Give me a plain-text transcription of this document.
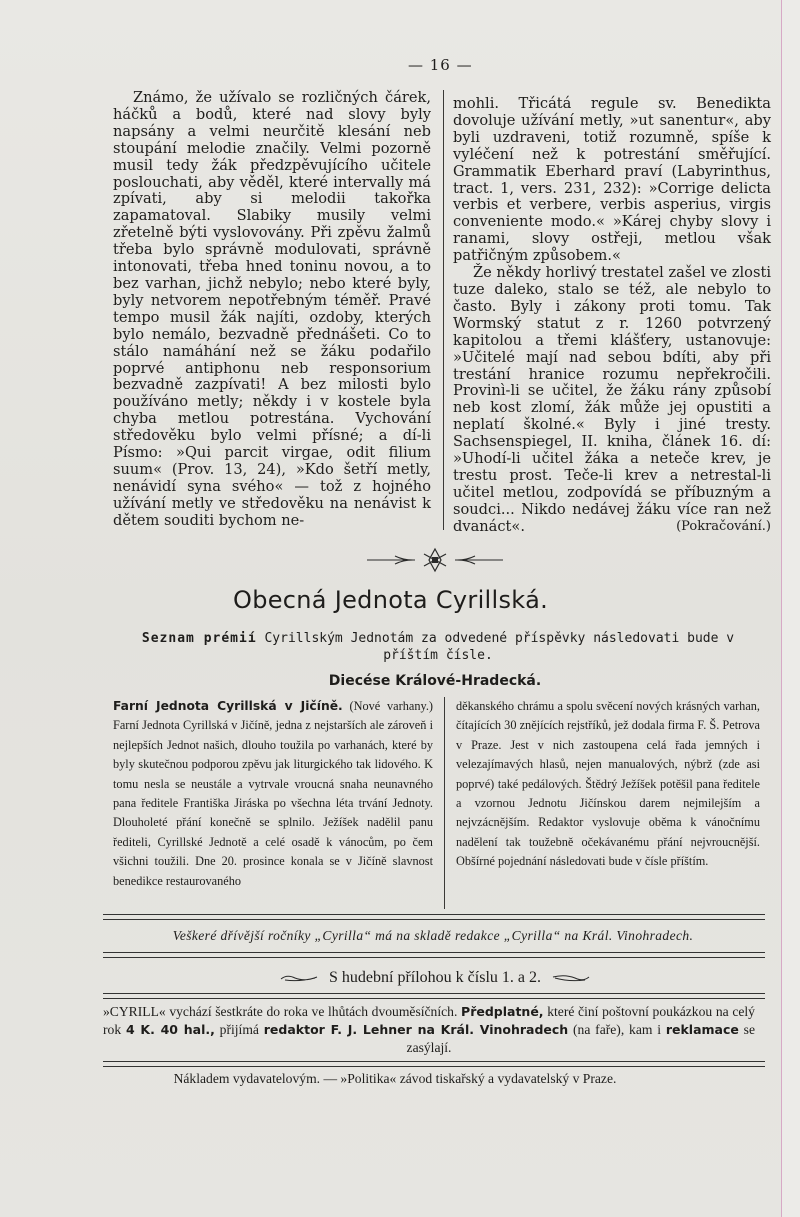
— 16 —

Známo, že užívalo se rozličných čárek, háčků a bodů, které nad slovy byly napsány a velmi neurčitě klesání neb stoupání melodie značily. Velmi pozorně musil tedy žák předzpěvujícího učitele poslouchati, aby věděl, které intervally má zpívati, aby si melodii takořka zapamatoval. Slabiky musily velmi zřetelně býti vyslovovány. Při zpěvu žalmů třeba bylo správně modulovati, správně intonovati, třeba hned toninu novou, a to bez varhan, jichž nebylo; nebo které byly, byly netvorem nepotřebným téměř. Pravé tempo musil žák najíti, ozdoby, kterých bylo nemálo, bezvadně přednášeti. Co to stálo namáhání než se žáku podařilo poprvé antiphonu neb responsorium bezvadně zazpívati! A bez milosti bylo používáno metly; někdy i v kostele byla chyba metlou potrestána. Vychování středověku bylo velmi přísné; a dí-li Písmo: »Qui parcit virgae, odit filium suum« (Prov. 13, 24), »Kdo šetří metly, nenávidí syna svého« — tož z hojného užívání metly ve středověku na nenávist k dětem souditi bychom ne-

mohli. Třicátá regule sv. Benedikta dovoluje užívání metly, »ut sanentur«, aby byli uzdraveni, totiž rozumně, spíše k vyléčení než k potrestání směřující. Grammatik Eberhard praví (Labyrinthus, tract. 1, vers. 231, 232): »Corrige delicta verbis et verbere, verbis asperius, virgis conveniente modo.« »Kárej chyby slovy i ranami, slovy ostřeji, metlou však patřičným způsobem.«

Že někdy horlivý trestatel zašel ve zlosti tuze daleko, stalo se též, ale nebylo to často. Byly i zákony proti tomu. Tak Wormský statut z r. 1260 potvrzený kapitolou a třemi klášťery, ustanovuje: »Učitelé mají nad sebou bdíti, aby při trestání hranice rozumu nepřekročili. Provinì-li se učitel, že žáku rány způsobí neb kost zlomí, žák může jej opustiti a neplatí školné.« Byly i jiné tresty. Sachsenspiegel, II. kniha, článek 16. dí: »Uhodí-li učitel žáka a neteče krev, je trestu prost. Teče-li krev a netrestal-li učitel metlou, zodpovídá se příbuzným a soudci... Nikdo nedávej žáku více ran než dvanáct«.	(Pokračování.)
Obecná Jednota Cyrillská.
Seznam prémií Cyrillským Jednotám za odvedené příspěvky následovati bude v příštím čísle.
Diecése Králové-Hradecká.

Farní Jednota Cyrillská v Jičíně. (Nové varhany.) Farní Jednota Cyrillská v Jičíně, jedna z nejstarších ale zároveň i nejlepších Jednot našich, dlouho toužila po varhanách, které by byly skutečnou podporou zpěvu jak liturgického tak lidového. K tomu nesla se neustále a vytrvale vroucná snaha neunavného pana ředitele Františka Jiráska po všechna léta trvání Jednoty. Dlouholeté přání konečně se splnilo. Ježíšek nadělil panu řediteli, Cyrillské Jednotě a celé osadě k vánocům, po čem všichni toužili. Dne 20. prosince konala se v Jičíně slavnost benedikce restaurovaného

děkanského chrámu a spolu svěcení nových krásných varhan, čítajících 30 znějících rejstříků, jež dodala firma F. Š. Petrova v Praze. Jest v nich zastoupena celá řada jemných i velezajímavých hlasů, nejen manualových, nýbrž (zde asi poprvé) také pedálových. Štědrý Ježíšek potěšil pana ředitele a vzornou Jednotu Jičínskou darem nejmilejším a nejvzácnějším. Redaktor vyslovuje oběma k vánočnímu nadělení tak toužebně očekávanému přání nejvroucnější. Obšírné pojednání následovati bude v čísle příštím.

Veškeré dřívější ročníky „Cyrilla“ má na skladě redakce „Cyrilla“ na Král. Vinohradech.
S hudební přílohou k číslu 1. a 2.
»CYRILL« vychází šestkráte do roka ve lhůtách dvouměsíčních. Předplatné, které činí poštovní poukázkou na celý rok 4 K. 40 hal., přijímá redaktor F. J. Lehner na Král. Vinohradech (na faře), kam i reklamace se zasýlají.
Nákladem vydavatelovým. — »Politika« závod tiskařský a vydavatelský v Praze.
